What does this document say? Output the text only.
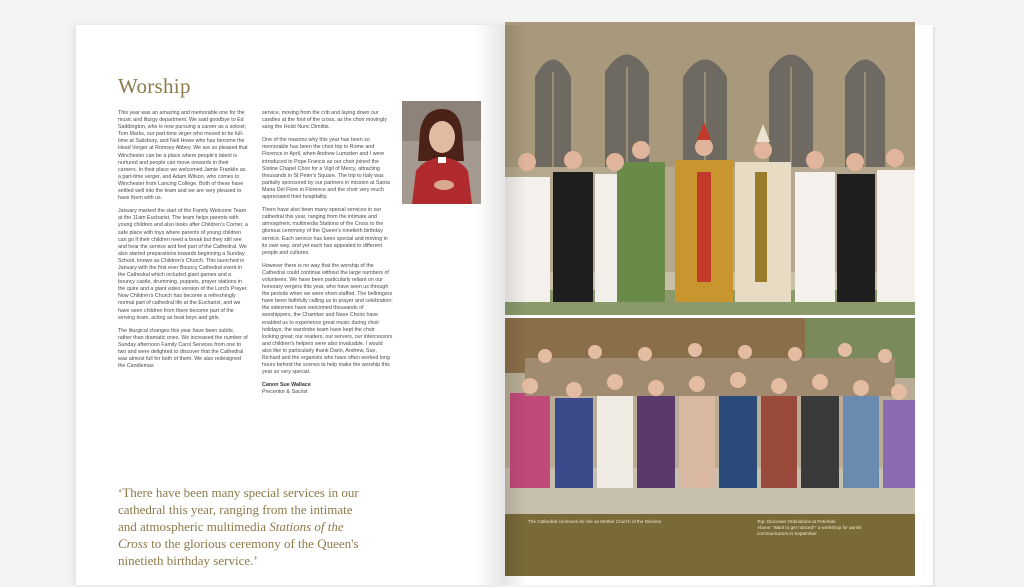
Worship

This year was an amazing and memorable one for the music and liturgy department. We said goodbye to Ed Saddington, who is now pursuing a career as a soloist; Tom Marks, our part-time virger who moved to be full-time at Salisbury, and Neil Howe who has become the Head Verger at Romsey Abbey. We are so pleased that Winchester can be a place where people's talent is nurtured and people can move onwards in their careers. In their place we welcomed Jamie Franklin as a part-time verger, and Adam Wilson, who comes to Winchester from Lancing College. Both of these have settled well into the team and we are very pleased to have them with us.

January marked the start of the Family Welcome Team at the 11am Eucharist. The team helps parents with young children and also looks after Children's Corner, a safe place with toys where parents of young children can go if their children need a break but they still see and hear the service and feel part of the Cathedral. We also started preparations towards beginning a Sunday School, known as Children's Church. This launched in January with the first ever Bouncy Cathedral event in the Cathedral which included giant games and a bouncy castle, drumming, puppets, prayer stations in the quire and a giant video version of the Lord's Prayer. Now Children's Church has become a refreshingly normal part of cathedral life at the Eucharist, and we have seen children from there become part of the serving team, acting as boat boys and girls.

The liturgical changes this year have been subtle, rather than dramatic ones. We increased the number of Sunday afternoon Family Carol Services from one to two and were delighted to discover that the Cathedral was almost full for both of them. We also redesigned the Candlemas

service, moving from the crib and laying down our candles at the foot of the cross, as the choir movingly sang the Holst Nunc Dimittis.

One of the reasons why this year has been so memorable has been the choir trip to Rome and Florence in April, when Andrew Lumsden and I were introduced to Pope Francis as our choir joined the Sistine Chapel Choir for a Vigil of Mercy, attracting thousands in St Peter's Square. The trip to Italy was partially sponsored by our partners in mission at Santa Maria Del Fiore in Florence and the choir very much appreciated their hospitality.

There have also been many special services in our cathedral this year, ranging from the intimate and atmospheric multimedia Stations of the Cross to the glorious ceremony of the Queen's ninetieth birthday service. Each service has been special and moving in its own way, and yet each has appealed to different people and cultures.

However there is no way that the worship of the Cathedral could continue without the large numbers of volunteers. We have been particularly reliant on our honorary vergers this year, who have seen us through the periods when we were short-staffed. The bellringers have been faithfully calling us to prayer and celebration; the sidesmen have welcomed thousands of worshippers, the Chamber and Nave Choirs have enabled us to experience great music during choir holidays; the wardrobe team have kept the choir looking great; our readers, our servers, our intercessors and children's helpers were also invaluable. I would also like to particularly thank Darin, Andrew, Sue, Richard and the organists who have often worked long hours behind the scenes to help make the worship this year so very special.

Canon Sue Wallace
Precentor & Sacrist
‘There have been many special services in our cathedral this year, ranging from the intimate and atmospheric multimedia Stations of the Cross to the glorious ceremony of the Queen's ninetieth birthday service.’
The Cathedral continues its role as Mother Church of the Diocese	Top: Diocesan Ordinations at Petertide
Above: ‘Want to get noticed?’ a workshop for parish communicators in September
